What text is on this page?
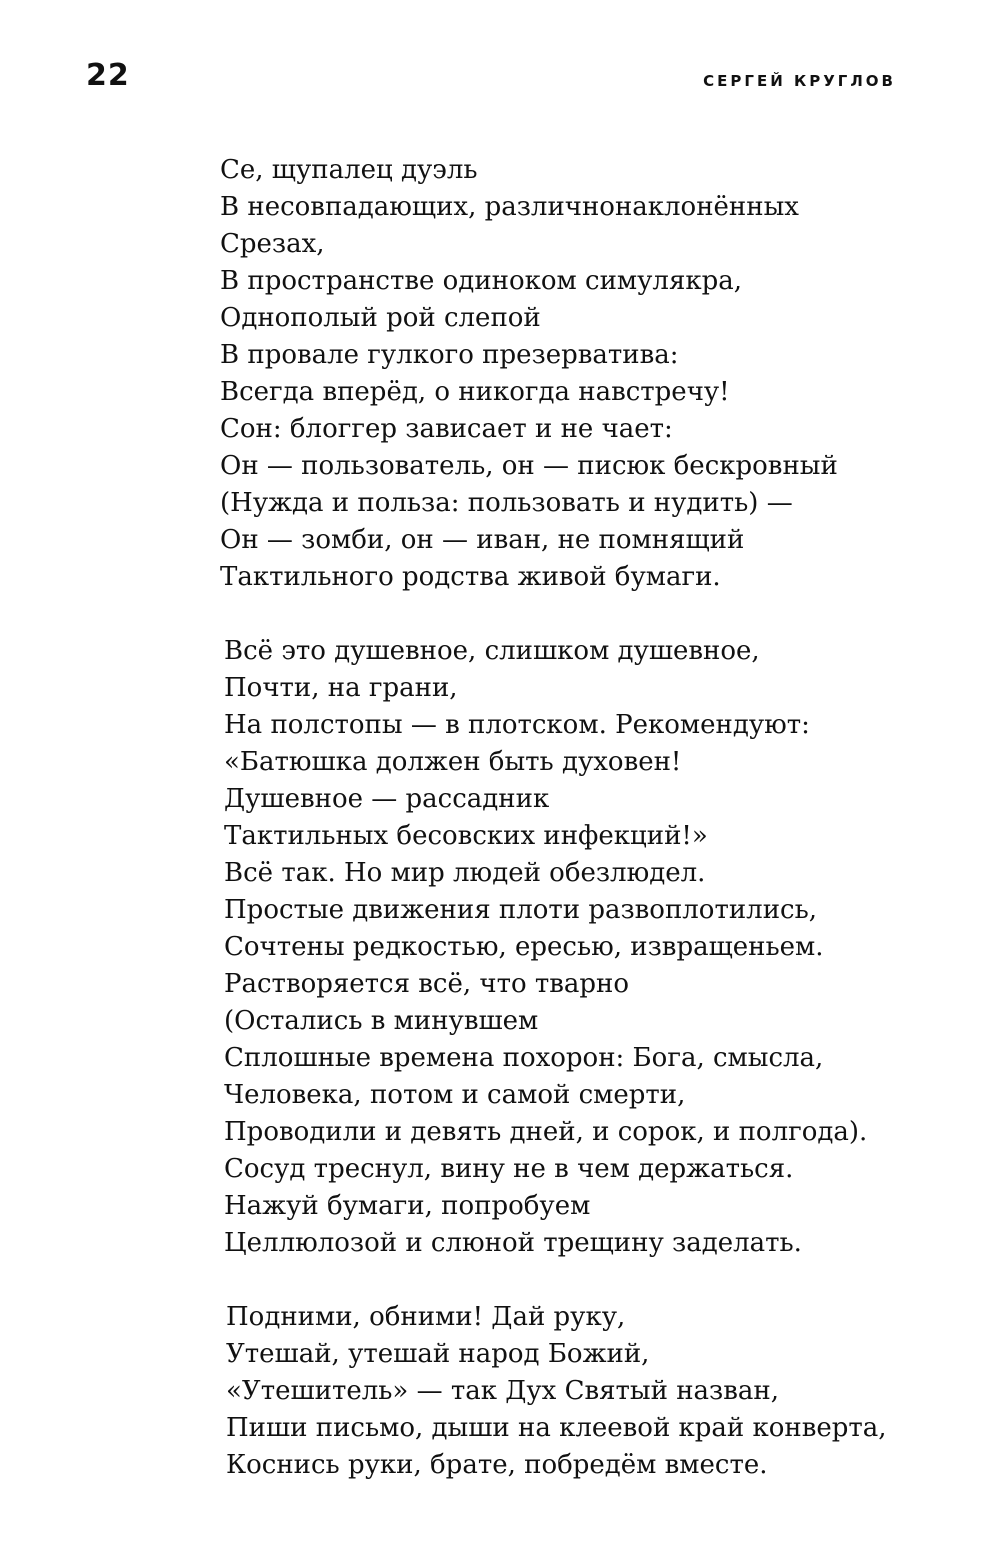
22	СЕРГЕЙ КРУГЛОВ

Се, щупалец дуэль

В несовпадающих, различнонаклонённых

Срезах,

В пространстве одиноком симулякра,

Однополый рой слепой

В провале гулкого презерватива:

Всегда вперёд, о никогда навстречу!

Сон: блоггер зависает и не чает:

Он — пользователь, он — писюк бескровный

(Нужда и польза: пользовать и нудить) —

Он — зомби, он — иван, не помнящий

Тактильного родства живой бумаги.

Всё это душевное, слишком душевное,

Почти, на грани,

На полстопы — в плотском. Рекомендуют:

«Батюшка должен быть духовен!

Душевное — рассадник

Тактильных бесовских инфекций!»

Всё так. Но мир людей обезлюдел.

Простые движения плоти развоплотились,

Сочтены редкостью, ересью, извращеньем.

Растворяется всё, что тварно

(Остались в минувшем

Сплошные времена похорон: Бога, смысла,

Человека, потом и самой смерти,

Проводили и девять дней, и сорок, и полгода).

Сосуд треснул, вину не в чем держаться.

Нажуй бумаги, попробуем

Целлюлозой и слюной трещину заделать.

Подними, обними! Дай руку,

Утешай, утешай народ Божий,

«Утешитель» — так Дух Святый назван,

Пиши письмо, дыши на клеевой край конверта,

Коснись руки, брате, побредём вместе.
